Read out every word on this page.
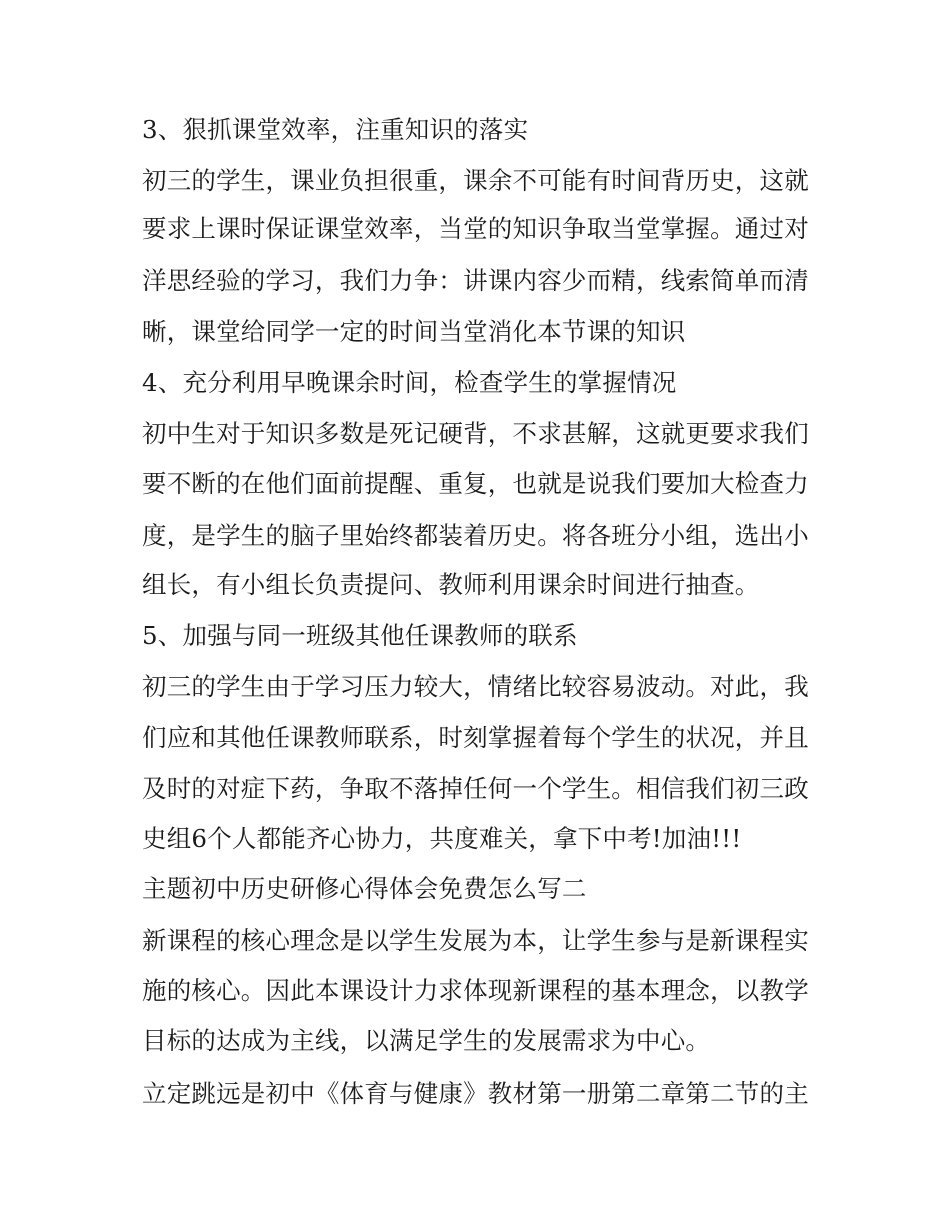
3、狠抓课堂效率，注重知识的落实
初三的学生，课业负担很重，课余不可能有时间背历史，这就
要求上课时保证课堂效率，当堂的知识争取当堂掌握。通过对
洋思经验的学习，我们力争：讲课内容少而精，线索简单而清
晰，课堂给同学一定的时间当堂消化本节课的知识
4、充分利用早晚课余时间，检查学生的掌握情况
初中生对于知识多数是死记硬背，不求甚解，这就更要求我们
要不断的在他们面前提醒、重复，也就是说我们要加大检查力
度，是学生的脑子里始终都装着历史。将各班分小组，选出小
组长，有小组长负责提问、教师利用课余时间进行抽查。
5、加强与同一班级其他任课教师的联系
初三的学生由于学习压力较大，情绪比较容易波动。对此，我
们应和其他任课教师联系，时刻掌握着每个学生的状况，并且
及时的对症下药，争取不落掉任何一个学生。相信我们初三政
史组6个人都能齐心协力，共度难关，拿下中考!加油!!!
主题初中历史研修心得体会免费怎么写二
新课程的核心理念是以学生发展为本，让学生参与是新课程实
施的核心。因此本课设计力求体现新课程的基本理念，以教学
目标的达成为主线，以满足学生的发展需求为中心。
立定跳远是初中《体育与健康》教材第一册第二章第二节的主
